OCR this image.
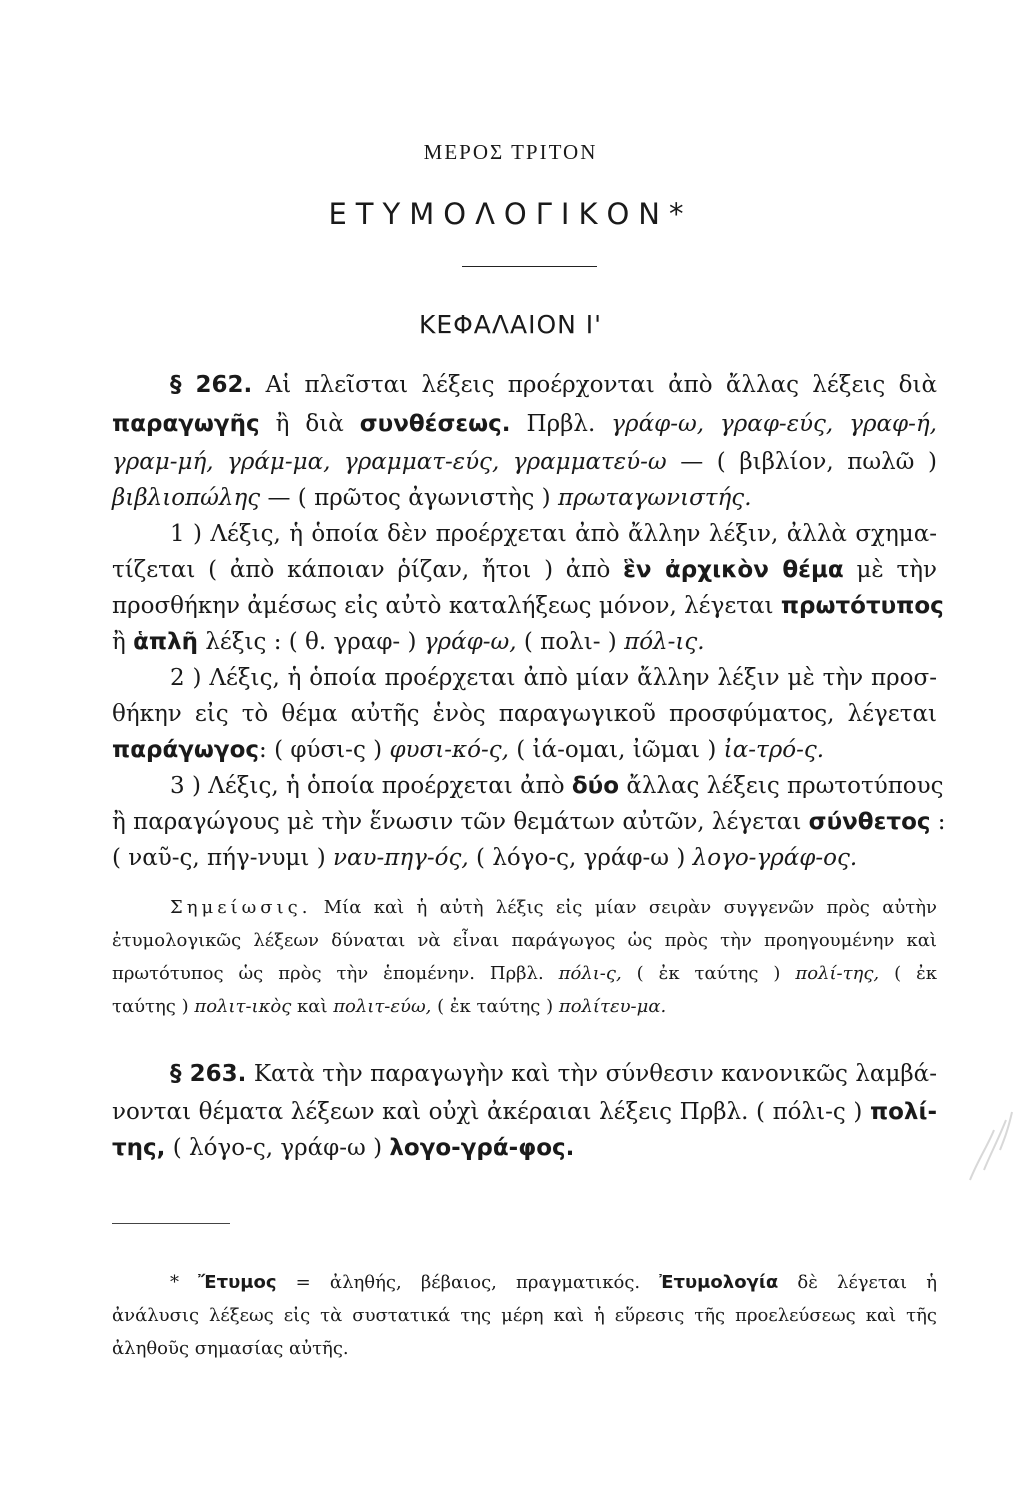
ΜΕΡΟΣ ΤΡΙΤΟΝ
ΕΤΥΜΟΛΟΓΙΚΟΝ*
ΚΕΦΑΛΑΙΟΝ Ι'
§ 262. Αἱ πλεῖσται λέξεις προέρχονται ἀπὸ ἄλλας λέξεις διὰ
παραγωγῆς ἢ διὰ συνθέσεως. Πρβλ. γράφ-ω, γραφ-εύς, γραφ-ή,
γραμ-μή, γράμ-μα, γραμματ-εύς, γραμματεύ-ω — ( βιβλίον, πωλῶ )
βιβλιοπώλης — ( πρῶτος ἀγωνιστὴς ) πρωταγωνιστής.
1 ) Λέξις, ἡ ὁποία δὲν προέρχεται ἀπὸ ἄλλην λέξιν, ἀλλὰ σχημα-
τίζεται ( ἀπὸ κάποιαν ῥίζαν, ἤτοι ) ἀπὸ ἓν ἀρχικὸν θέμα μὲ τὴν
προσθήκην ἀμέσως εἰς αὐτὸ καταλήξεως μόνον, λέγεται πρωτότυπος
ἢ ἁπλῆ λέξις : ( θ. γραφ- ) γράφ-ω, ( πολι- ) πόλ-ις.
2 ) Λέξις, ἡ ὁποία προέρχεται ἀπὸ μίαν ἄλλην λέξιν μὲ τὴν προσ-
θήκην εἰς τὸ θέμα αὐτῆς ἑνὸς παραγωγικοῦ προσφύματος, λέγεται
παράγωγος: ( φύσι-ς ) φυσι-κό-ς, ( ἰά-ομαι, ἰῶμαι ) ἰα-τρό-ς.
3 ) Λέξις, ἡ ὁποία προέρχεται ἀπὸ δύο ἄλλας λέξεις πρωτοτύπους
ἢ παραγώγους μὲ τὴν ἕνωσιν τῶν θεμάτων αὐτῶν, λέγεται σύνθετος :
( ναῦ-ς, πήγ-νυμι ) ναυ-πηγ-ός, ( λόγο-ς, γράφ-ω ) λογο-γράφ-ος.
Σημείωσις. Μία καὶ ἡ αὐτὴ λέξις εἰς μίαν σειρὰν συγγενῶν πρὸς αὐτὴν
ἐτυμολογικῶς λέξεων δύναται νὰ εἶναι παράγωγος ὡς πρὸς τὴν προηγουμένην καὶ
πρωτότυπος ὡς πρὸς τὴν ἑπομένην. Πρβλ. πόλι-ς, ( ἐκ ταύτης ) πολί-της, ( ἐκ
ταύτης ) πολιτ-ικὸς καὶ πολιτ-εύω, ( ἐκ ταύτης ) πολίτευ-μα.
§ 263. Κατὰ τὴν παραγωγὴν καὶ τὴν σύνθεσιν κανονικῶς λαμβά-
νονται θέματα λέξεων καὶ οὐχὶ ἀκέραιαι λέξεις Πρβλ. ( πόλι-ς ) πολί-
της, ( λόγο-ς, γράφ-ω ) λογο-γρά-φος.
* Ἔτυμος = ἀληθής, βέβαιος, πραγματικός. Ἐτυμολογία δὲ λέγεται ἡ
ἀνάλυσις λέξεως εἰς τὰ συστατικά της μέρη καὶ ἡ εὕρεσις τῆς προελεύσεως καὶ τῆς
ἀληθοῦς σημασίας αὐτῆς.
